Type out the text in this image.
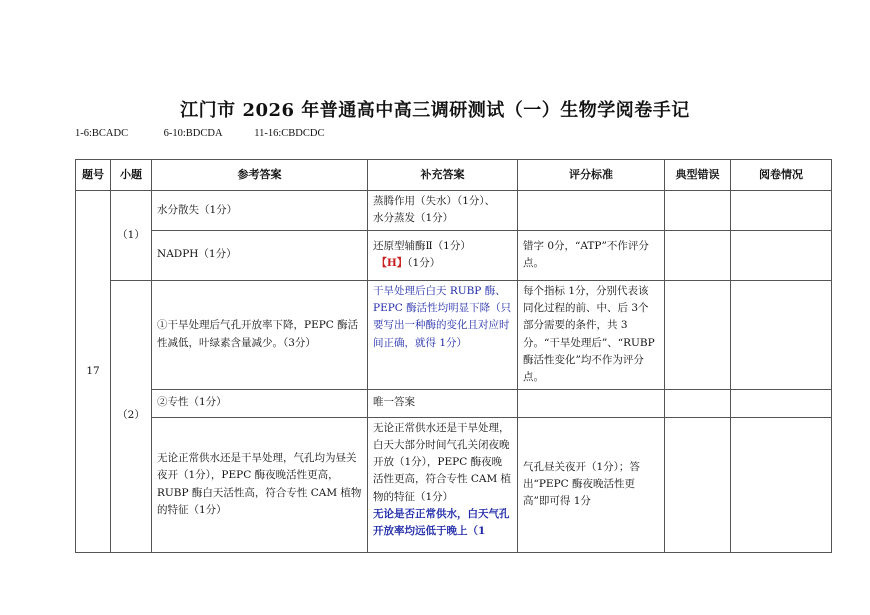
江门市 2026 年普通高中高三调研测试（一）生物学阅卷手记
1-6:BCADC	6-10:BDCDA	11-16:CBDCDC
题号	小题	参考答案	补充答案	评分标准	典型错误	阅卷情况
17	（1）	水分散失（1分）	蒸腾作用（失水）（1分）、
水分蒸发（1分）			

		NADPH（1分）	还原型辅酶Ⅱ（1分）
【H】（1分）	错字 0分，“ATP”不作评分点。		
	（2）	①干旱处理后气孔开放率下降，PEPC 酶活性减低，叶绿素含量减少。（3分）	干旱处理后白天 RUBP 酶、PEPC 酶活性均明显下降（只要写出一种酶的变化且对应时间正确，就得 1分）	每个指标 1分，分别代表该同化过程的前、中、后 3个部分需要的条件，共 3分。“干旱处理后”、“RUBP 酶活性变化”均不作为评分点。		
		②专性（1分）	唯一答案			
		无论正常供水还是干旱处理，气孔均为昼关夜开（1分），PEPC 酶夜晚活性更高，RUBP 酶白天活性高，符合专性 CAM 植物的特征（1分）	无论正常供水还是干旱处理，白天大部分时间气孔关闭夜晚开放（1分），PEPC 酶夜晚活性更高，符合专性 CAM 植物的特征（1分）
无论是否正常供水，白天气孔开放率均远低于晚上（1	气孔昼关夜开（1分）；答出“PEPC 酶夜晚活性更高”即可得 1分		
